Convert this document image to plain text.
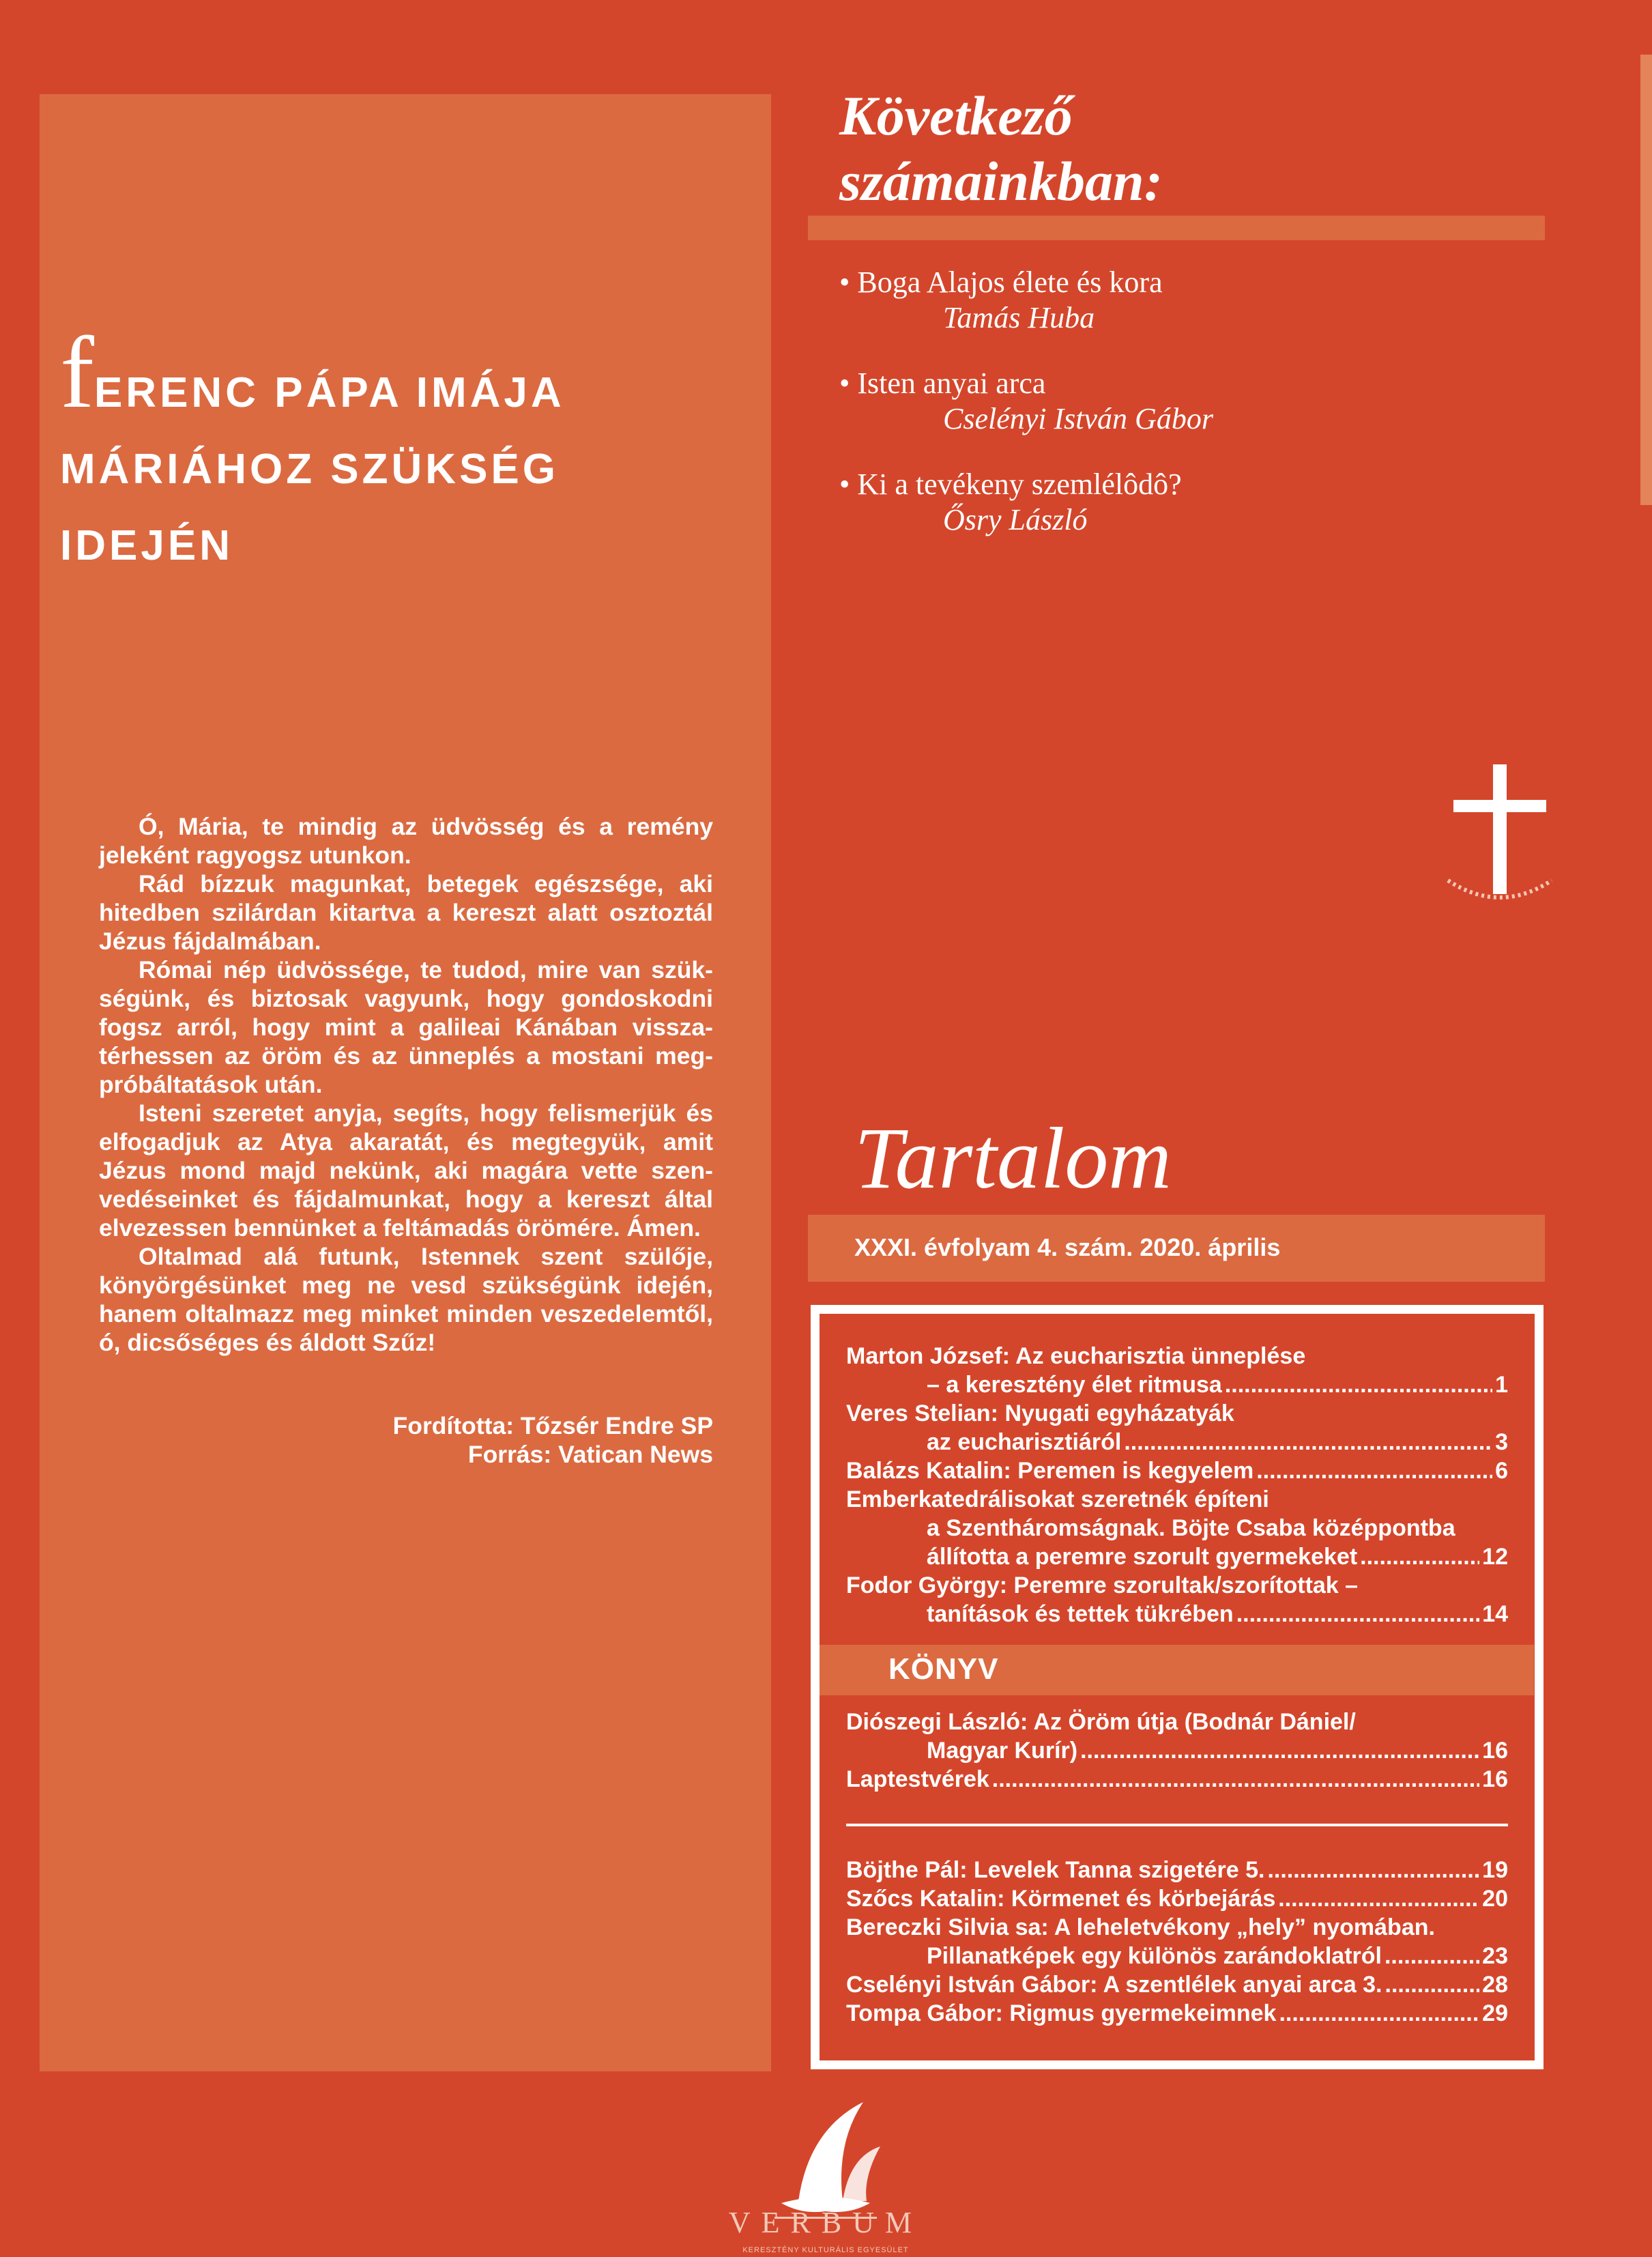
fERENC PÁPA IMÁJA
MÁRIÁHOZ SZÜKSÉG
IDEJÉN

Ó, Mária, te mindig az üdvösség és a remény jeleként ragyogsz utunkon.

Rád bízzuk magunkat, betegek egészsége, aki hitedben szilárdan kitartva a kereszt alatt osztoztál Jézus fájdalmában.

Római nép üdvössége, te tudod, mire van szükségünk, és biztosak vagyunk, hogy gondoskodni fogsz arról, hogy mint a galileai Kánában visszatérhessen az öröm és az ünneplés a mostani megpróbáltatások után.

Isteni szeretet anyja, segíts, hogy felismerjük és elfogadjuk az Atya akaratát, és megtegyük, amit Jézus mond majd nekünk, aki magára vette szenvedéseinket és fájdalmunkat, hogy a kereszt által elvezessen bennünket a feltámadás örömére. Ámen.

Oltalmad alá futunk, Istennek szent szülője, könyörgésünket meg ne vesd szükségünk idején, hanem oltalmazz meg minket minden veszedelemtől, ó, dicsőséges és áldott Szűz!

Fordította: Tőzsér Endre SP
Forrás: Vatican News
Következő
számainkban:
• Boga Alajos élete és kora
Tamás Huba
• Isten anyai arca
Cselényi István Gábor
• Ki a tevékeny szemlélôdô?
Ősry László
Tartalom
XXXI. évfolyam 4. szám. 2020. április
Marton József: Az eucharisztia ünneplése
– a keresztény élet ritmusa .....	1
Veres Stelian: Nyugati egyházatyák
az eucharisztiáról .....	3
Balázs Katalin: Peremen is kegyelem .....	6
Emberkatedrálisokat szeretnék építeni
a Szentháromságnak. Böjte Csaba középpontba
állította a peremre szorult gyermekeket .....	12
Fodor György: Peremre szorultak/szorítottak –
tanítások és tettek tükrében .....	14
KÖNYV
Diószegi László: Az Öröm útja (Bodnár Dániel/
Magyar Kurír) .....	16
Laptestvérek .....	16
Böjthe Pál: Levelek Tanna szigetére 5. .....	19
Szőcs Katalin: Körmenet és körbejárás .....	20
Bereczki Silvia sa: A leheletvékony „hely” nyomában.
Pillanatképek egy különös zarándoklatról .....	23
Cselényi István Gábor: A szentlélek anyai arca 3. .....	28
Tompa Gábor: Rigmus gyermekeimnek .....	29
VERBUM
KERESZTÉNY KULTURÁLIS EGYESÜLET
